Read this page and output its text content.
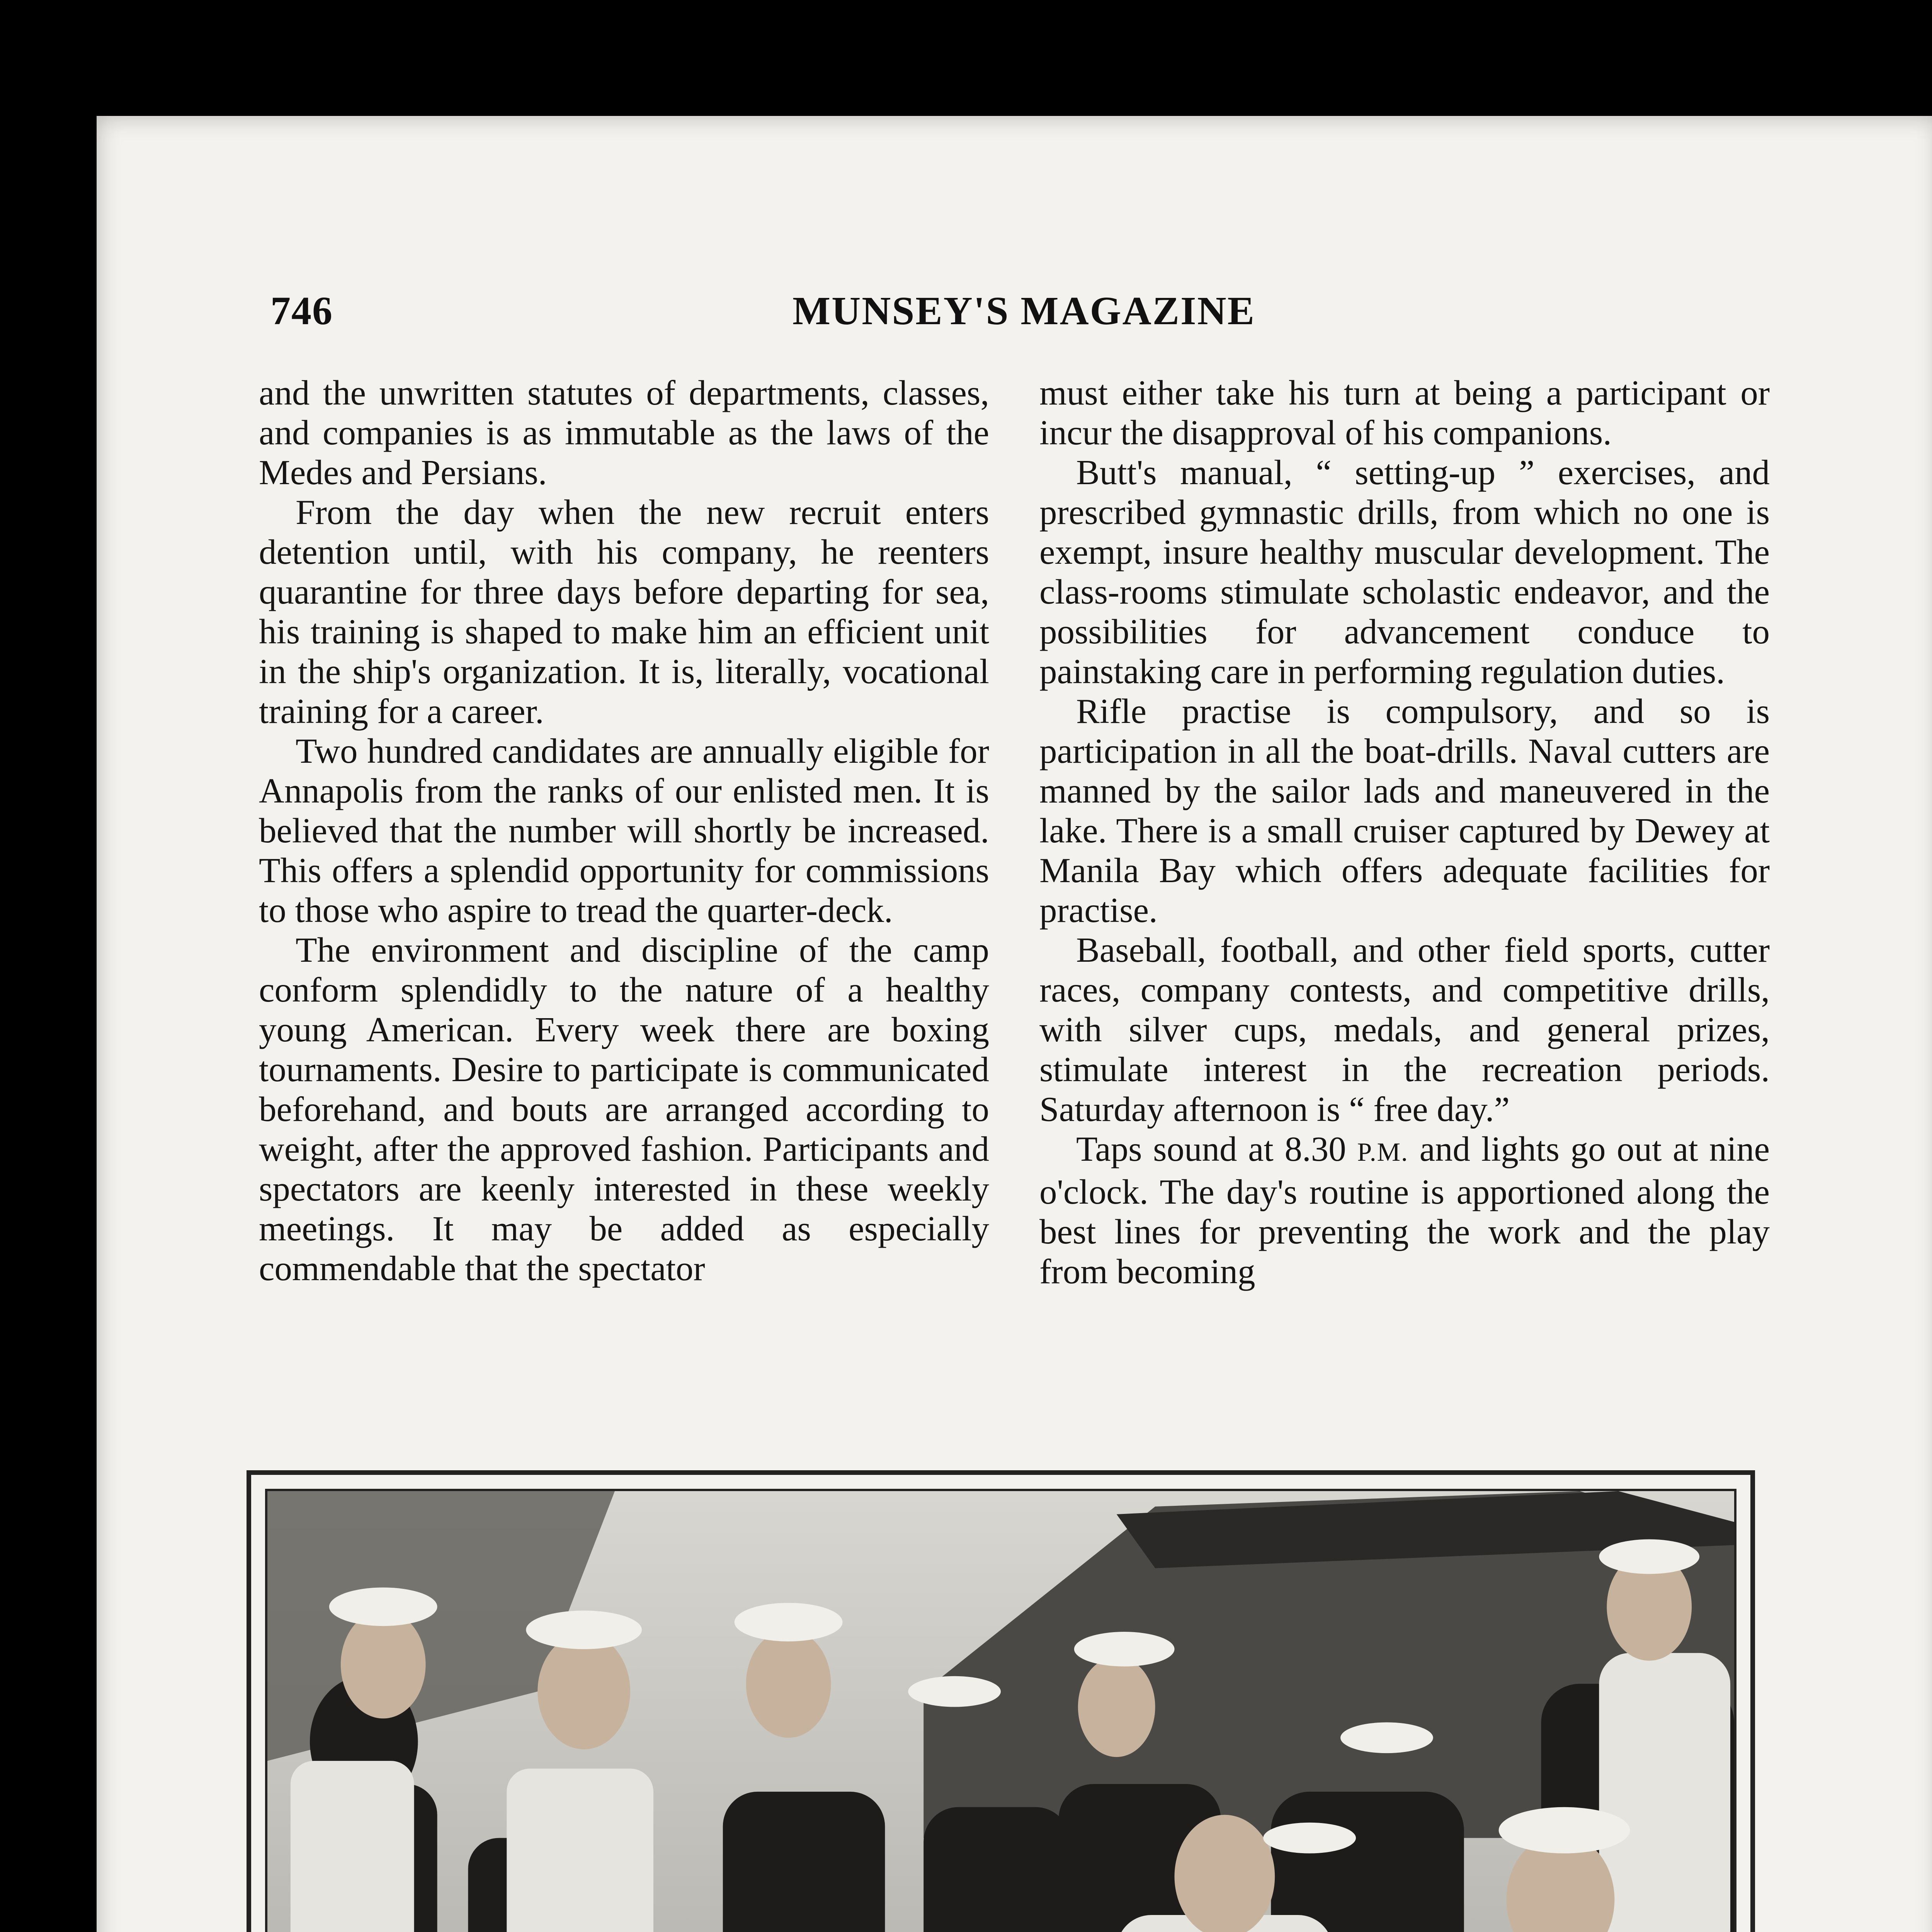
746	MUNSEY'S MAGAZINE

and the unwritten statutes of departments, classes, and companies is as immutable as the laws of the Medes and Persians.

From the day when the new recruit enters detention until, with his company, he reenters quarantine for three days before departing for sea, his training is shaped to make him an efficient unit in the ship's organization. It is, literally, vocational training for a career.

Two hundred candidates are annually eligible for Annapolis from the ranks of our enlisted men. It is believed that the number will shortly be increased. This offers a splendid opportunity for commissions to those who aspire to tread the quarter-deck.

The environment and discipline of the camp conform splendidly to the nature of a healthy young American. Every week there are boxing tournaments. Desire to participate is communicated beforehand, and bouts are arranged according to weight, after the approved fashion. Participants and spectators are keenly interested in these weekly meetings. It may be added as especially commendable that the spectator

must either take his turn at being a participant or incur the disapproval of his companions.

Butt's manual, “ setting-up ” exercises, and prescribed gymnastic drills, from which no one is exempt, insure healthy muscular development. The class-rooms stimulate scholastic endeavor, and the possibilities for advancement conduce to painstaking care in performing regulation duties.

Rifle practise is compulsory, and so is participation in all the boat-drills. Naval cutters are manned by the sailor lads and maneuvered in the lake. There is a small cruiser captured by Dewey at Manila Bay which offers adequate facilities for practise.

Baseball, football, and other field sports, cutter races, company contests, and competitive drills, with silver cups, medals, and general prizes, stimulate interest in the recreation periods. Saturday afternoon is “ free day.”

Taps sound at 8.30 P.M. and lights go out at nine o'clock. The day's routine is apportioned along the best lines for preventing the work and the play from becoming
